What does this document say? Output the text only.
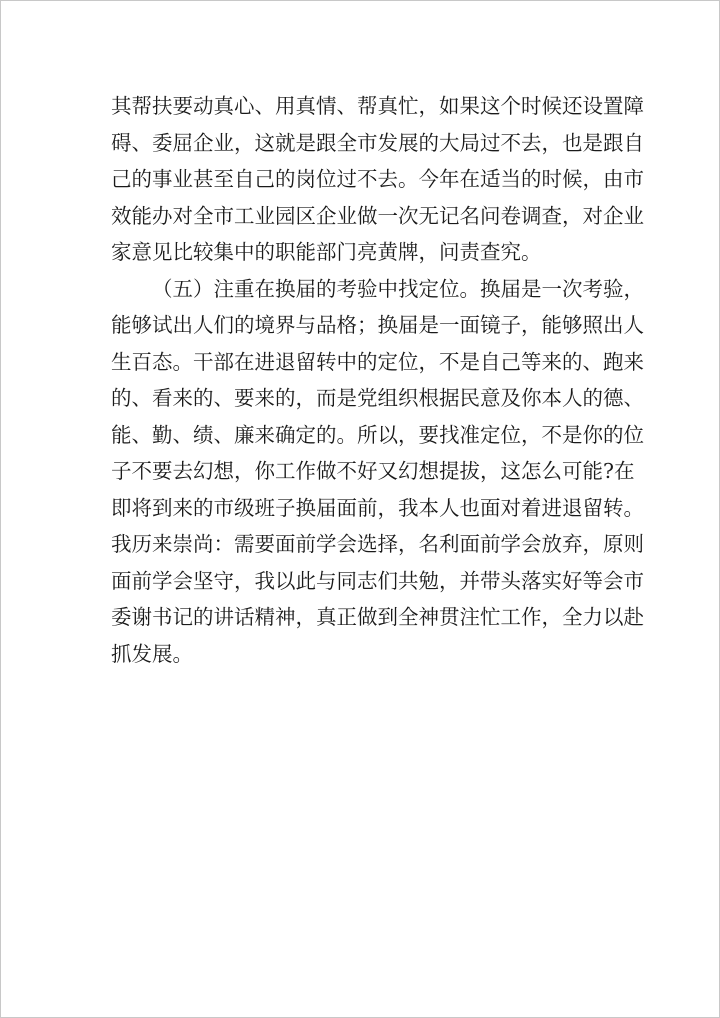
其帮扶要动真心、用真情、帮真忙，如果这个时候还设置障
碍、委屈企业，这就是跟全市发展的大局过不去，也是跟自
己的事业甚至自己的岗位过不去。今年在适当的时候，由市
效能办对全市工业园区企业做一次无记名问卷调查，对企业
家意见比较集中的职能部门亮黄牌，问责查究。
（五）注重在换届的考验中找定位。换届是一次考验，
能够试出人们的境界与品格；换届是一面镜子，能够照出人
生百态。干部在进退留转中的定位，不是自己等来的、跑来
的、看来的、要来的，而是党组织根据民意及你本人的德、
能、勤、绩、廉来确定的。所以，要找准定位，不是你的位
子不要去幻想，你工作做不好又幻想提拔，这怎么可能?在
即将到来的市级班子换届面前，我本人也面对着进退留转。
我历来崇尚：需要面前学会选择，名利面前学会放弃，原则
面前学会坚守，我以此与同志们共勉，并带头落实好等会市
委谢书记的讲话精神，真正做到全神贯注忙工作，全力以赴
抓发展。
